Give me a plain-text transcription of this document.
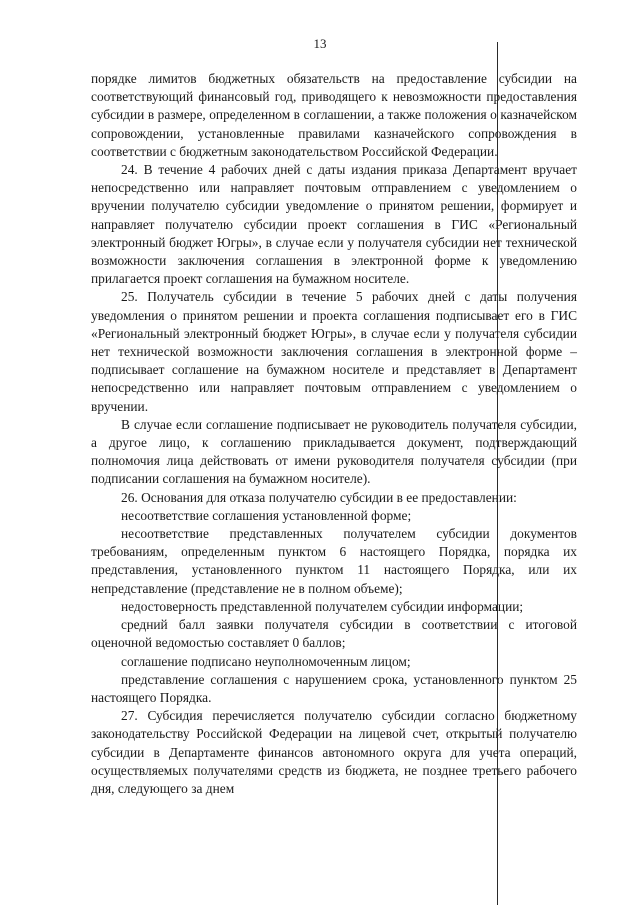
13

порядке лимитов бюджетных обязательств на предоставление субсидии на соответствующий финансовый год, приводящего к невозможности предоставления субсидии в размере, определенном в соглашении, а также положения о казначейском сопровождении, установленные правилами казначейского сопровождения в соответствии с бюджетным законодательством Российской Федерации.

24. В течение 4 рабочих дней с даты издания приказа Департамент вручает непосредственно или направляет почтовым отправлением с уведомлением о вручении получателю субсидии уведомление о принятом решении, формирует и направляет получателю субсидии проект соглашения в ГИС «Региональный электронный бюджет Югры», в случае если у получателя субсидии нет технической возможности заключения соглашения в электронной форме к уведомлению прилагается проект соглашения на бумажном носителе.

25. Получатель субсидии в течение 5 рабочих дней с даты получения уведомления о принятом решении и проекта соглашения подписывает его в ГИС «Региональный электронный бюджет Югры», в случае если у получателя субсидии нет технической возможности заключения соглашения в электронной форме – подписывает соглашение на бумажном носителе и представляет в Департамент непосредственно или направляет почтовым отправлением с уведомлением о вручении.

В случае если соглашение подписывает не руководитель получателя субсидии, а другое лицо, к соглашению прикладывается документ, подтверждающий полномочия лица действовать от имени руководителя получателя субсидии (при подписании соглашения на бумажном носителе).

26. Основания для отказа получателю субсидии в ее предоставлении:

несоответствие соглашения установленной форме;

несоответствие представленных получателем субсидии документов требованиям, определенным пунктом 6 настоящего Порядка, порядка их представления, установленного пунктом 11 настоящего Порядка, или их непредставление (представление не в полном объеме);

недостоверность представленной получателем субсидии информации;

средний балл заявки получателя субсидии в соответствии с итоговой оценочной ведомостью составляет 0 баллов;

соглашение подписано неуполномоченным лицом;

представление соглашения с нарушением срока, установленного пунктом 25 настоящего Порядка.

27. Субсидия перечисляется получателю субсидии согласно бюджетному законодательству Российской Федерации на лицевой счет, открытый получателю субсидии в Департаменте финансов автономного округа для учета операций, осуществляемых получателями средств из бюджета, не позднее третьего рабочего дня, следующего за днем
